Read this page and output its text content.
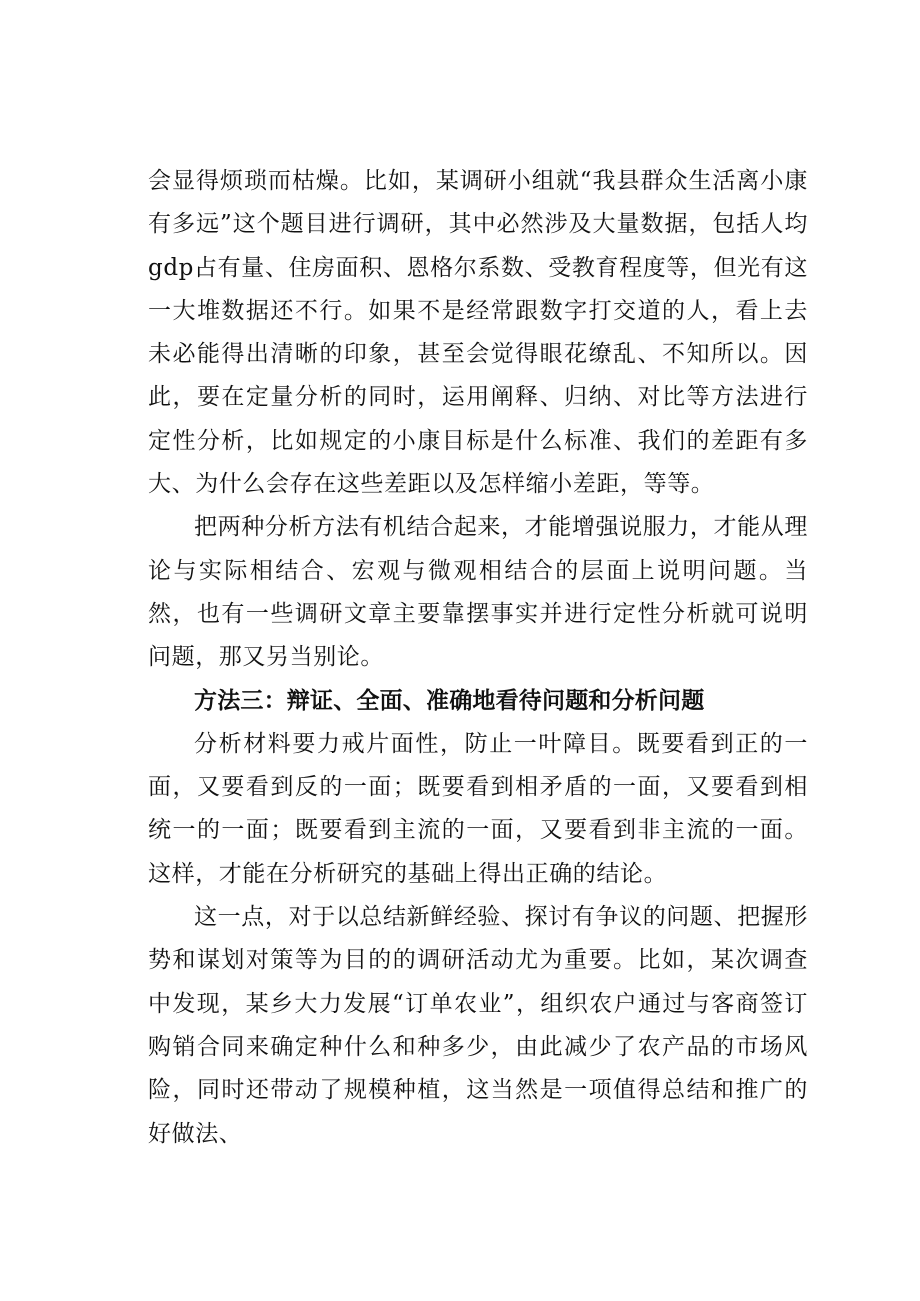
会显得烦琐而枯燥。比如，某调研小组就“我县群众生活离小康有多远”这个题目进行调研，其中必然涉及大量数据，包括人均gdp占有量、住房面积、恩格尔系数、受教育程度等，但光有这一大堆数据还不行。如果不是经常跟数字打交道的人，看上去未必能得出清晰的印象，甚至会觉得眼花缭乱、不知所以。因此，要在定量分析的同时，运用阐释、归纳、对比等方法进行定性分析，比如规定的小康目标是什么标准、我们的差距有多大、为什么会存在这些差距以及怎样缩小差距，等等。

把两种分析方法有机结合起来，才能增强说服力，才能从理论与实际相结合、宏观与微观相结合的层面上说明问题。当然，也有一些调研文章主要靠摆事实并进行定性分析就可说明问题，那又另当别论。

方法三：辩证、全面、准确地看待问题和分析问题

分析材料要力戒片面性，防止一叶障目。既要看到正的一面，又要看到反的一面；既要看到相矛盾的一面，又要看到相统一的一面；既要看到主流的一面，又要看到非主流的一面。这样，才能在分析研究的基础上得出正确的结论。

这一点，对于以总结新鲜经验、探讨有争议的问题、把握形势和谋划对策等为目的的调研活动尤为重要。比如，某次调查中发现，某乡大力发展“订单农业”，组织农户通过与客商签订购销合同来确定种什么和种多少，由此减少了农产品的市场风险，同时还带动了规模种植，这当然是一项值得总结和推广的好做法、
